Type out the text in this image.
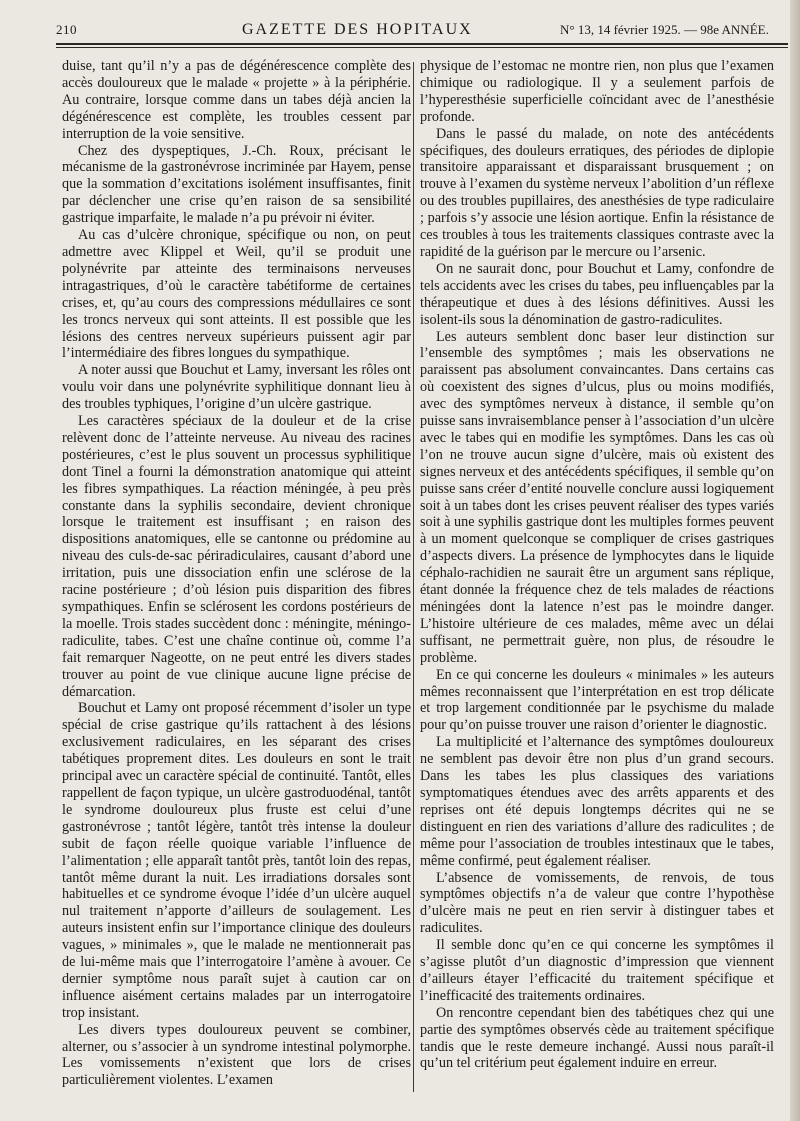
210	GAZETTE DES HOPITAUX	N° 13, 14 février 1925. — 98e ANNÉE.

duise, tant qu’il n’y a pas de dégénérescence complète des accès douloureux que le malade « projette » à la périphérie. Au contraire, lorsque comme dans un tabes déjà ancien la dégénérescence est complète, les troubles cessent par interruption de la voie sensitive.

Chez des dyspeptiques, J.-Ch. Roux, précisant le mécanisme de la gastronévrose incriminée par Hayem, pense que la sommation d’excitations isolément insuffisantes, finit par déclencher une crise qu’en raison de sa sensibilité gastrique imparfaite, le malade n’a pu prévoir ni éviter.

Au cas d’ulcère chronique, spécifique ou non, on peut admettre avec Klippel et Weil, qu’il se produit une polynévrite par atteinte des terminaisons nerveuses intragastriques, d’où le caractère tabétiforme de certaines crises, et, qu’au cours des compressions médullaires ce sont les troncs nerveux qui sont atteints. Il est possible que les lésions des centres nerveux supérieurs puissent agir par l’intermédiaire des fibres longues du sympathique.

A noter aussi que Bouchut et Lamy, inversant les rôles ont voulu voir dans une polynévrite syphilitique donnant lieu à des troubles typhiques, l’origine d’un ulcère gastrique.

Les caractères spéciaux de la douleur et de la crise relèvent donc de l’atteinte nerveuse. Au niveau des racines postérieures, c’est le plus souvent un processus syphilitique dont Tinel a fourni la démonstration anatomique qui atteint les fibres sympathiques. La réaction méningée, à peu près constante dans la syphilis secondaire, devient chronique lorsque le traitement est insuffisant ; en raison des dispositions anatomiques, elle se cantonne ou prédomine au niveau des culs-de-sac périradiculaires, causant d’abord une irritation, puis une dissociation enfin une sclérose de la racine postérieure ; d’où lésion puis disparition des fibres sympathiques. Enfin se sclérosent les cordons postérieurs de la moelle. Trois stades succèdent donc : méningite, méningo-radiculite, tabes. C’est une chaîne continue où, comme l’a fait remarquer Nageotte, on ne peut entré les divers stades trouver au point de vue clinique aucune ligne précise de démarcation.

Bouchut et Lamy ont proposé récemment d’isoler un type spécial de crise gastrique qu’ils rattachent à des lésions exclusivement radiculaires, en les séparant des crises tabétiques proprement dites. Les douleurs en sont le trait principal avec un caractère spécial de continuité. Tantôt, elles rappellent de façon typique, un ulcère gastroduodénal, tantôt le syndrome douloureux plus fruste est celui d’une gastronévrose ; tantôt légère, tantôt très intense la douleur subit de façon réelle quoique variable l’influence de l’alimentation ; elle apparaît tantôt près, tantôt loin des repas, tantôt même durant la nuit. Les irradiations dorsales sont habituelles et ce syndrome évoque l’idée d’un ulcère auquel nul traitement n’apporte d’ailleurs de soulagement. Les auteurs insistent enfin sur l’importance clinique des douleurs vagues, » minimales », que le malade ne mentionnerait pas de lui-même mais que l’interrogatoire l’amène à avouer. Ce dernier symptôme nous paraît sujet à caution car on influence aisément certains malades par un interrogatoire trop insistant.

Les divers types douloureux peuvent se combiner, alterner, ou s’associer à un syndrome intestinal polymorphe. Les vomissements n’existent que lors de crises particulièrement violentes. L’examen

physique de l’estomac ne montre rien, non plus que l’examen chimique ou radiologique. Il y a seulement parfois de l’hyperesthésie superficielle coïncidant avec de l’anesthésie profonde.

Dans le passé du malade, on note des antécédents spécifiques, des douleurs erratiques, des périodes de diplopie transitoire apparaissant et disparaissant brusquement ; on trouve à l’examen du système nerveux l’abolition d’un réflexe ou des troubles pupillaires, des anesthésies de type radiculaire ; parfois s’y associe une lésion aortique. Enfin la résistance de ces troubles à tous les traitements classiques contraste avec la rapidité de la guérison par le mercure ou l’arsenic.

On ne saurait donc, pour Bouchut et Lamy, confondre de tels accidents avec les crises du tabes, peu influençables par la thérapeutique et dues à des lésions définitives. Aussi les isolent-ils sous la dénomination de gastro-radiculites.

Les auteurs semblent donc baser leur distinction sur l’ensemble des symptômes ; mais les observations ne paraissent pas absolument convaincantes. Dans certains cas où coexistent des signes d’ulcus, plus ou moins modifiés, avec des symptômes nerveux à distance, il semble qu’on puisse sans invraisemblance penser à l’association d’un ulcère avec le tabes qui en modifie les symptômes. Dans les cas où l’on ne trouve aucun signe d’ulcère, mais où existent des signes nerveux et des antécédents spécifiques, il semble qu’on puisse sans créer d’entité nouvelle conclure aussi logiquement soit à un tabes dont les crises peuvent réaliser des types variés soit à une syphilis gastrique dont les multiples formes peuvent à un moment quelconque se compliquer de crises gastriques d’aspects divers. La présence de lymphocytes dans le liquide céphalo-rachidien ne saurait être un argument sans réplique, étant donnée la fréquence chez de tels malades de réactions méningées dont la latence n’est pas le moindre danger. L’histoire ultérieure de ces malades, même avec un délai suffisant, ne permettrait guère, non plus, de résoudre le problème.

En ce qui concerne les douleurs « minimales » les auteurs mêmes reconnaissent que l’interprétation en est trop délicate et trop largement conditionnée par le psychisme du malade pour qu’on puisse trouver une raison d’orienter le diagnostic.

La multiplicité et l’alternance des symptômes douloureux ne semblent pas devoir être non plus d’un grand secours. Dans les tabes les plus classiques des variations symptomatiques étendues avec des arrêts apparents et des reprises ont été depuis longtemps décrites qui ne se distinguent en rien des variations d’allure des radiculites ; de même pour l’association de troubles intestinaux que le tabes, même confirmé, peut également réaliser.

L’absence de vomissements, de renvois, de tous symptômes objectifs n’a de valeur que contre l’hypothèse d’ulcère mais ne peut en rien servir à distinguer tabes et radiculites.

Il semble donc qu’en ce qui concerne les symptômes il s’agisse plutôt d’un diagnostic d’impression que viennent d’ailleurs étayer l’efficacité du traitement spécifique et l’inefficacité des traitements ordinaires.

On rencontre cependant bien des tabétiques chez qui une partie des symptômes observés cède au traitement spécifique tandis que le reste demeure inchangé. Aussi nous paraît-il qu’un tel critérium peut également induire en erreur.
